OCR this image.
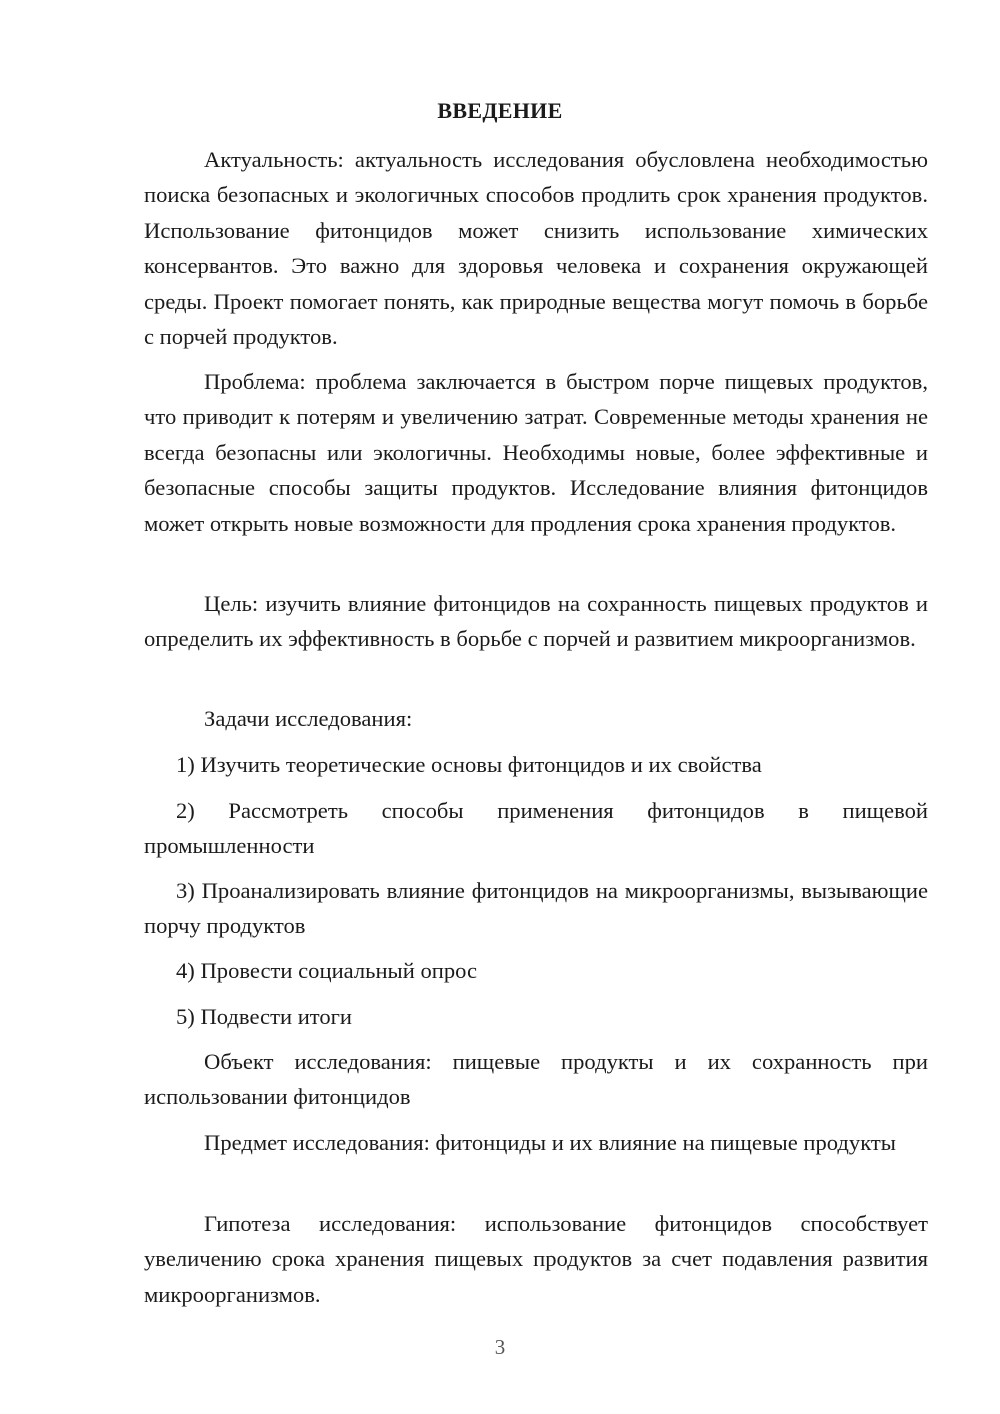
ВВЕДЕНИЕ

Актуальность: актуальность исследования обусловлена необходимостью поиска безопасных и экологичных способов продлить срок хранения продуктов. Использование фитонцидов может снизить использование химических консервантов. Это важно для здоровья человека и сохранения окружающей среды. Проект помогает понять, как природные вещества могут помочь в борьбе с порчей продуктов.

Проблема: проблема заключается в быстром порче пищевых продуктов, что приводит к потерям и увеличению затрат. Современные методы хранения не всегда безопасны или экологичны. Необходимы новые, более эффективные и безопасные способы защиты продуктов. Исследование влияния фитонцидов может открыть новые возможности для продления срока хранения продуктов.

Цель: изучить влияние фитонцидов на сохранность пищевых продуктов и определить их эффективность в борьбе с порчей и развитием микроорганизмов.

Задачи исследования:

1) Изучить теоретические основы фитонцидов и их свойства

2) Рассмотреть способы применения фитонцидов в пищевой промышленности

3) Проанализировать влияние фитонцидов на микроорганизмы, вызывающие порчу продуктов

4) Провести социальный опрос

5) Подвести итоги

Объект исследования: пищевые продукты и их сохранность при использовании фитонцидов

Предмет исследования: фитонциды и их влияние на пищевые продукты

Гипотеза исследования: использование фитонцидов способствует увеличению срока хранения пищевых продуктов за счет подавления развития микроорганизмов.

3
